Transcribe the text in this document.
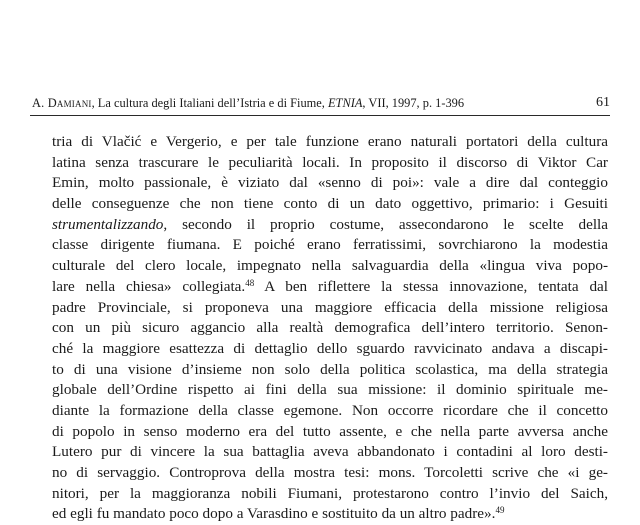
A. Damiani, La cultura degli Italiani dell’Istria e di Fiume, ETNIA, VII, 1997, p. 1-396	61
tria di Vlačić e Vergerio, e per tale funzione erano naturali portatori della cultura
latina senza trascurare le peculiarità locali. In proposito il discorso di Viktor Car
Emin, molto passionale, è viziato dal «senno di poi»: vale a dire dal conteggio
delle conseguenze che non tiene conto di un dato oggettivo, primario: i Gesuiti
strumentalizzando, secondo il proprio costume, assecondarono le scelte della
classe dirigente fiumana. E poiché erano ferratissimi, sovrchiarono la modestia
culturale del clero locale, impegnato nella salvaguardia della «lingua viva popo-
lare nella chiesa» collegiata.$^{48}$ A ben riflettere la stessa innovazione, tentata dal
padre Provinciale, si proponeva una maggiore efficacia della missione religiosa
con un più sicuro aggancio alla realtà demografica dell’intero territorio. Senon-
ché la maggiore esattezza di dettaglio dello sguardo ravvicinato andava a discapi-
to di una visione d’insieme non solo della politica scolastica, ma della strategia
globale dell’Ordine rispetto ai fini della sua missione: il dominio spirituale me-
diante la formazione della classe egemone. Non occorre ricordare che il concetto
di popolo in senso moderno era del tutto assente, e che nella parte avversa anche
Lutero pur di vincere la sua battaglia aveva abbandonato i contadini al loro desti-
no di servaggio. Controprova della mostra tesi: mons. Torcoletti scrive che «i ge-
nitori, per la maggioranza nobili Fiumani, protestarono contro l’invio del Saich,
ed egli fu mandato poco dopo a Varasdino e sostituito da un altro padre».$^{49}$
